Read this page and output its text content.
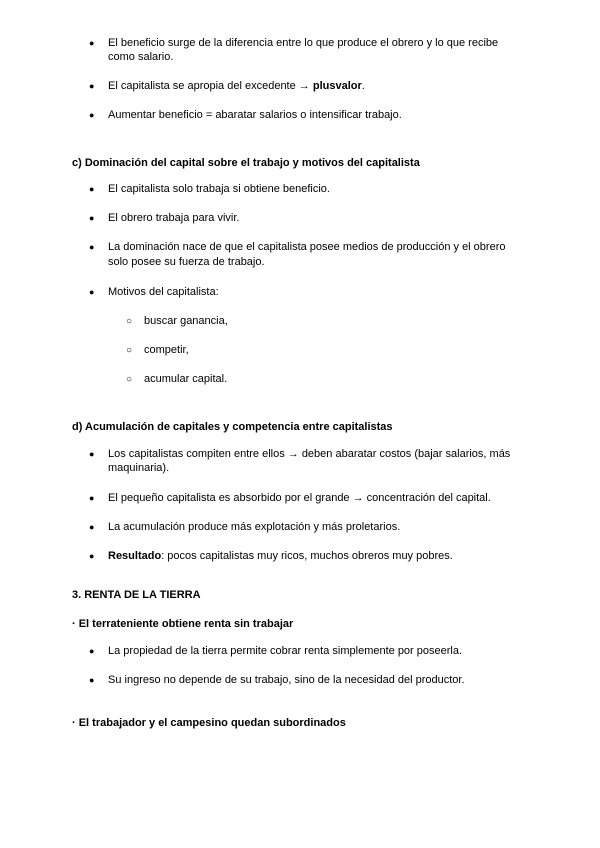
● El beneficio surge de la diferencia entre lo que produce el obrero y lo que recibe
como salario.
● El capitalista se apropia del excedente → plusvalor.
● Aumentar beneficio = abaratar salarios o intensificar trabajo.
c) Dominación del capital sobre el trabajo y motivos del capitalista
● El capitalista solo trabaja si obtiene beneficio.
● El obrero trabaja para vivir.
● La dominación nace de que el capitalista posee medios de producción y el obrero
solo posee su fuerza de trabajo.
● Motivos del capitalista:
○ buscar ganancia,
○ competir,
○ acumular capital.
d) Acumulación de capitales y competencia entre capitalistas
● Los capitalistas compiten entre ellos → deben abaratar costos (bajar salarios, más
maquinaria).
● El pequeño capitalista es absorbido por el grande → concentración del capital.
● La acumulación produce más explotación y más proletarios.
● Resultado: pocos capitalistas muy ricos, muchos obreros muy pobres.
3. RENTA DE LA TIERRA
· El terrateniente obtiene renta sin trabajar
● La propiedad de la tierra permite cobrar renta simplemente por poseerla.
● Su ingreso no depende de su trabajo, sino de la necesidad del productor.
· El trabajador y el campesino quedan subordinados
